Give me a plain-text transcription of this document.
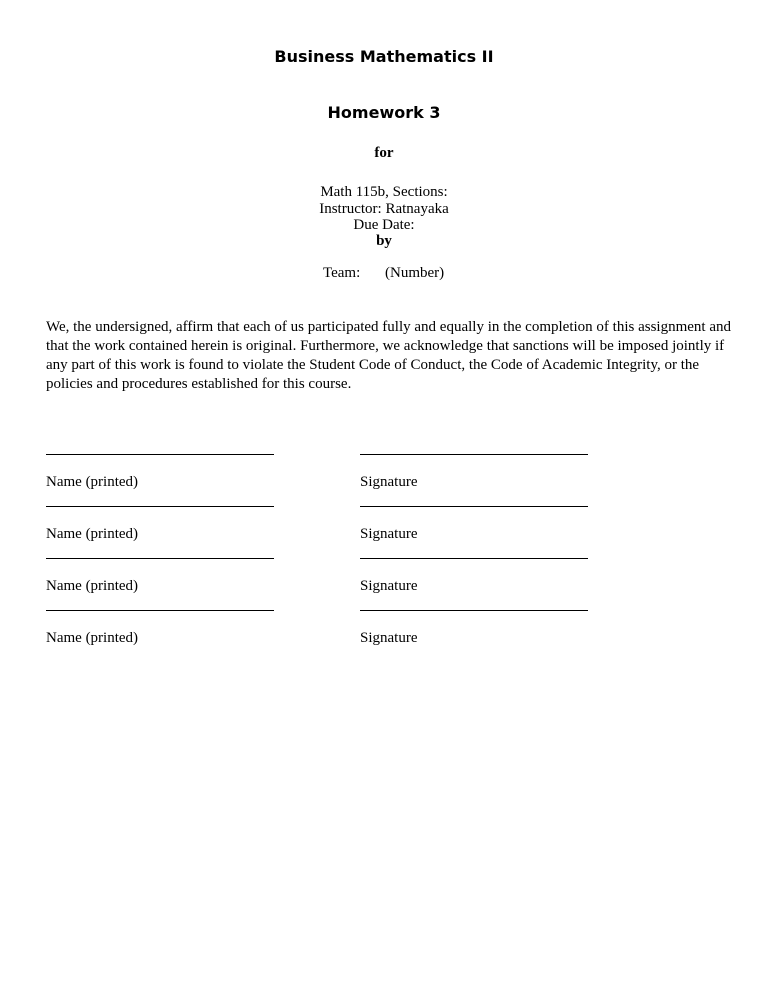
Business Mathematics II
Homework 3
for
Math 115b, Sections:
Instructor: Ratnayaka
Due Date:
by
Team: (Number)
We, the undersigned, affirm that each of us participated fully and equally in the completion of this assignment and that the work contained herein is original. Furthermore, we acknowledge that sanctions will be imposed jointly if any part of this work is found to violate the Student Code of Conduct, the Code of Academic Integrity, or the policies and procedures established for this course.
Name (printed)	Signature
Name (printed)	Signature
Name (printed)	Signature
Name (printed)	Signature
